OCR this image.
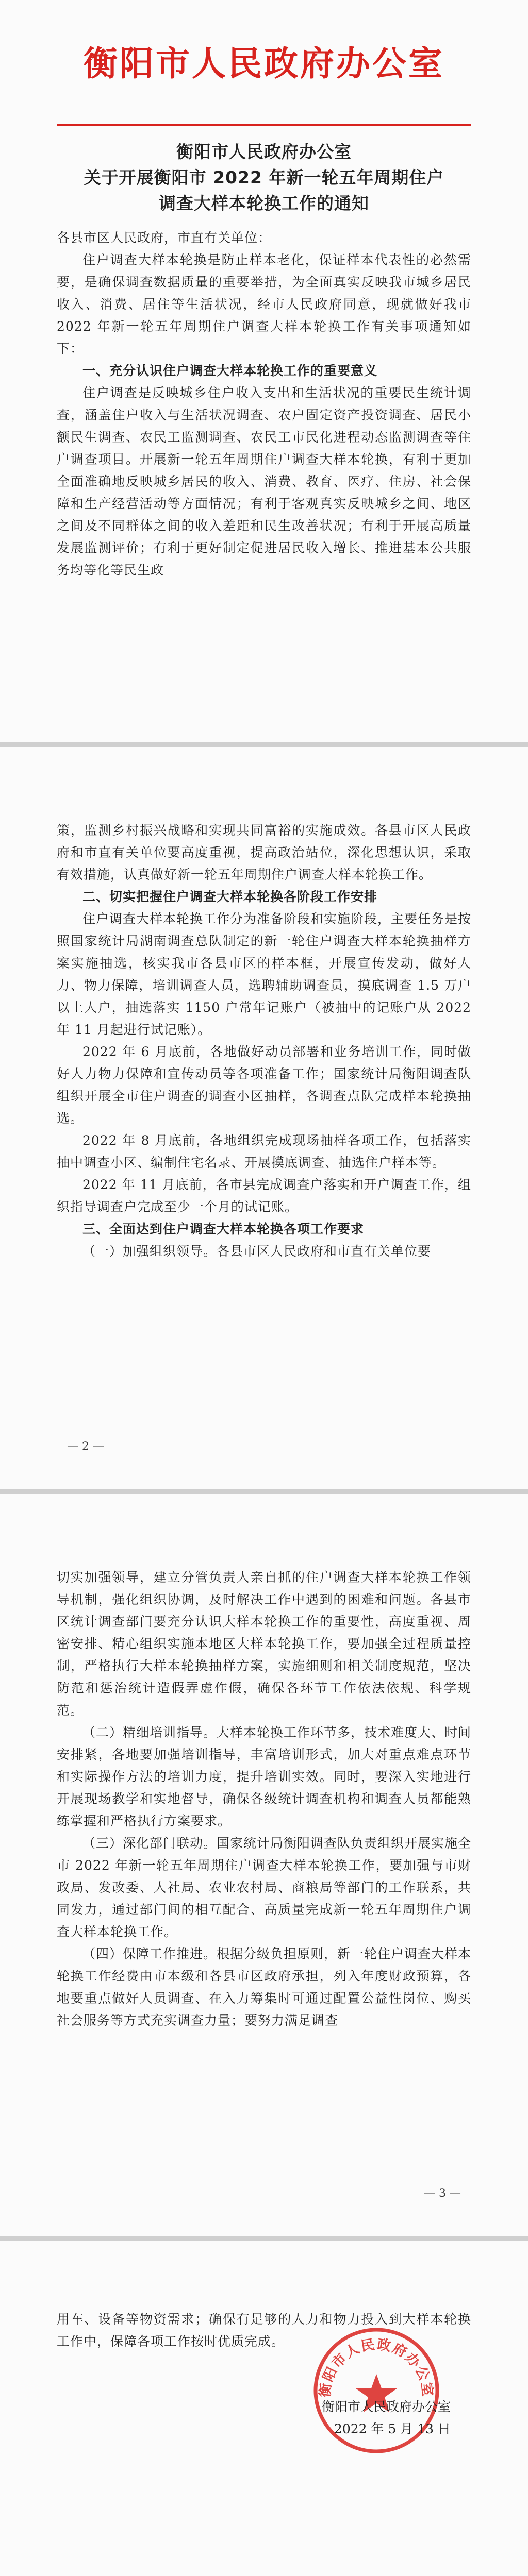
衡阳市人民政府办公室
衡阳市人民政府办公室
关于开展衡阳市 2022 年新一轮五年周期住户
调查大样本轮换工作的通知

各县市区人民政府，市直有关单位：

住户调查大样本轮换是防止样本老化，保证样本代表性的必然需要，是确保调查数据质量的重要举措，为全面真实反映我市城乡居民收入、消费、居住等生活状况，经市人民政府同意，现就做好我市 2022 年新一轮五年周期住户调查大样本轮换工作有关事项通知如下：

一、充分认识住户调查大样本轮换工作的重要意义

住户调查是反映城乡住户收入支出和生活状况的重要民生统计调查，涵盖住户收入与生活状况调查、农户固定资产投资调查、居民小额民生调查、农民工监测调查、农民工市民化进程动态监测调查等住户调查项目。开展新一轮五年周期住户调查大样本轮换，有利于更加全面准确地反映城乡居民的收入、消费、教育、医疗、住房、社会保障和生产经营活动等方面情况；有利于客观真实反映城乡之间、地区之间及不同群体之间的收入差距和民生改善状况；有利于开展高质量发展监测评价；有利于更好制定促进居民收入增长、推进基本公共服务均等化等民生政

策，监测乡村振兴战略和实现共同富裕的实施成效。各县市区人民政府和市直有关单位要高度重视，提高政治站位，深化思想认识，采取有效措施，认真做好新一轮五年周期住户调查大样本轮换工作。

二、切实把握住户调查大样本轮换各阶段工作安排

住户调查大样本轮换工作分为准备阶段和实施阶段，主要任务是按照国家统计局湖南调查总队制定的新一轮住户调查大样本轮换抽样方案实施抽选，核实我市各县市区的样本框，开展宣传发动，做好人力、物力保障，培训调查人员，选聘辅助调查员，摸底调查 1.5 万户以上人户，抽选落实 1150 户常年记账户（被抽中的记账户从 2022 年 11 月起进行试记账）。

2022 年 6 月底前，各地做好动员部署和业务培训工作，同时做好人力物力保障和宣传动员等各项准备工作；国家统计局衡阳调查队组织开展全市住户调查的调查小区抽样，各调查点队完成样本轮换抽选。

2022 年 8 月底前，各地组织完成现场抽样各项工作，包括落实抽中调查小区、编制住宅名录、开展摸底调查、抽选住户样本等。

2022 年 11 月底前，各市县完成调查户落实和开户调查工作，组织指导调查户完成至少一个月的试记账。

三、全面达到住户调查大样本轮换各项工作要求

（一）加强组织领导。各县市区人民政府和市直有关单位要

— 2 —

切实加强领导，建立分管负责人亲自抓的住户调查大样本轮换工作领导机制，强化组织协调，及时解决工作中遇到的困难和问题。各县市区统计调查部门要充分认识大样本轮换工作的重要性，高度重视、周密安排、精心组织实施本地区大样本轮换工作，要加强全过程质量控制，严格执行大样本轮换抽样方案，实施细则和相关制度规范，坚决防范和惩治统计造假弄虚作假，确保各环节工作依法依规、科学规范。

（二）精细培训指导。大样本轮换工作环节多，技术难度大、时间安排紧，各地要加强培训指导，丰富培训形式，加大对重点难点环节和实际操作方法的培训力度，提升培训实效。同时，要深入实地进行开展现场教学和实地督导，确保各级统计调查机构和调查人员都能熟练掌握和严格执行方案要求。

（三）深化部门联动。国家统计局衡阳调查队负责组织开展实施全市 2022 年新一轮五年周期住户调查大样本轮换工作，要加强与市财政局、发改委、人社局、农业农村局、商粮局等部门的工作联系，共同发力，通过部门间的相互配合、高质量完成新一轮五年周期住户调查大样本轮换工作。

（四）保障工作推进。根据分级负担原则，新一轮住户调查大样本轮换工作经费由市本级和各县市区政府承担，列入年度财政预算，各地要重点做好人员调查、在入力筹集时可通过配置公益性岗位、购买社会服务等方式充实调查力量；要努力满足调查

— 3 —

用车、设备等物资需求；确保有足够的人力和物力投入到大样本轮换工作中，保障各项工作按时优质完成。

衡阳市人民政府办公室
衡阳市人民政府办公室
2022 年 5 月 13 日
